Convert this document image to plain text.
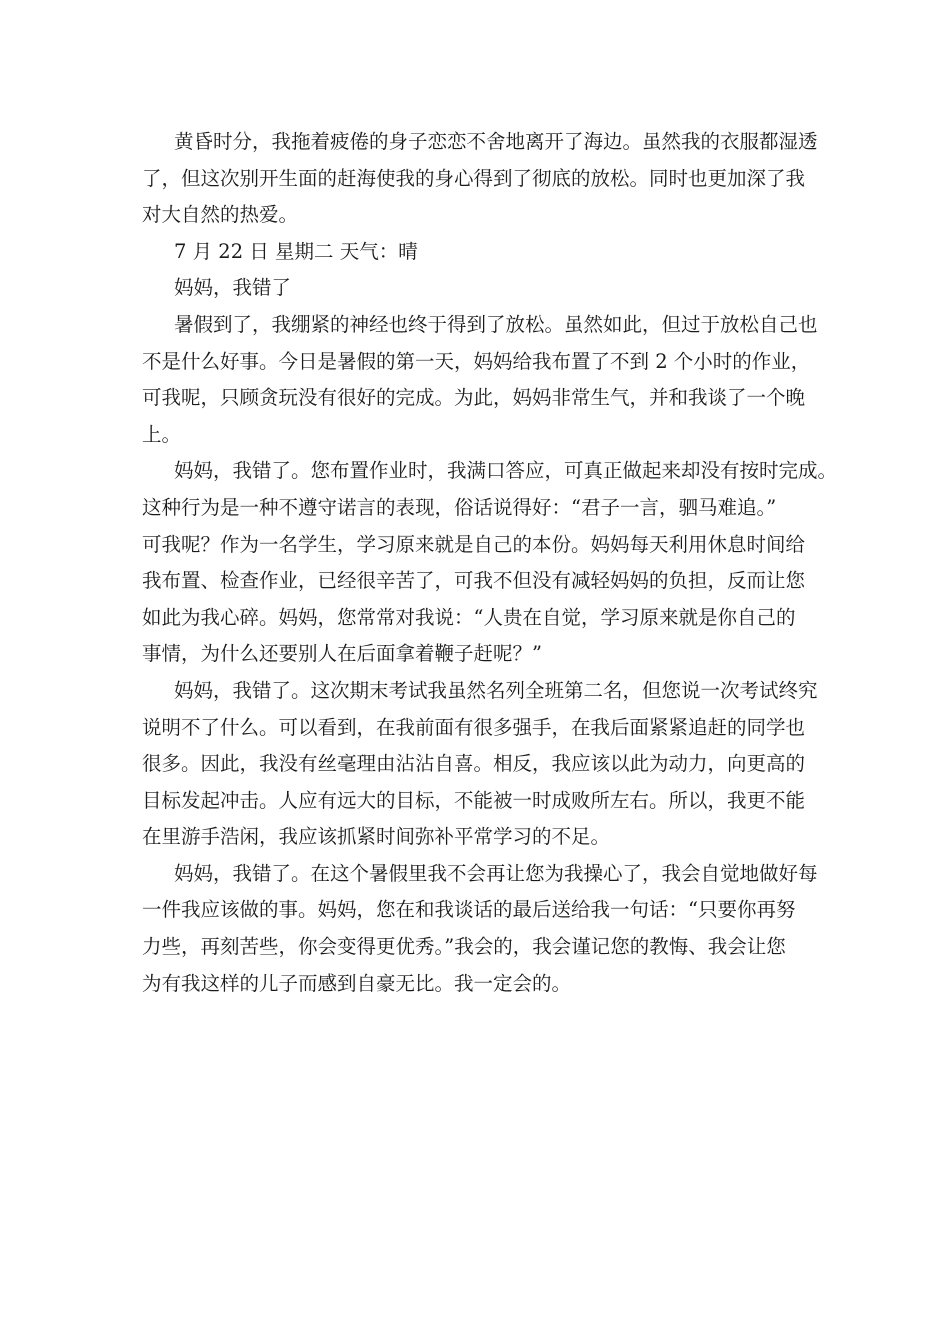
黄昏时分，我拖着疲倦的身子恋恋不舍地离开了海边。虽然我的衣服都湿透
了，但这次别开生面的赶海使我的身心得到了彻底的放松。同时也更加深了我
对大自然的热爱。
7 月 22 日 星期二 天气：晴
妈妈，我错了
暑假到了，我绷紧的神经也终于得到了放松。虽然如此，但过于放松自己也
不是什么好事。今日是暑假的第一天，妈妈给我布置了不到 2 个小时的作业，
可我呢，只顾贪玩没有很好的完成。为此，妈妈非常生气，并和我谈了一个晚
上。
妈妈，我错了。您布置作业时，我满口答应，可真正做起来却没有按时完成。
这种行为是一种不遵守诺言的表现，俗话说得好：“君子一言，驷马难追。”
可我呢？作为一名学生，学习原来就是自己的本份。妈妈每天利用休息时间给
我布置、检查作业，已经很辛苦了，可我不但没有减轻妈妈的负担，反而让您
如此为我心碎。妈妈，您常常对我说：“人贵在自觉，学习原来就是你自己的
事情，为什么还要别人在后面拿着鞭子赶呢？”
妈妈，我错了。这次期末考试我虽然名列全班第二名，但您说一次考试终究
说明不了什么。可以看到，在我前面有很多强手，在我后面紧紧追赶的同学也
很多。因此，我没有丝毫理由沾沾自喜。相反，我应该以此为动力，向更高的
目标发起冲击。人应有远大的目标，不能被一时成败所左右。所以，我更不能
在里游手浩闲，我应该抓紧时间弥补平常学习的不足。
妈妈，我错了。在这个暑假里我不会再让您为我操心了，我会自觉地做好每
一件我应该做的事。妈妈，您在和我谈话的最后送给我一句话：“只要你再努
力些，再刻苦些，你会变得更优秀。”我会的，我会谨记您的教悔、我会让您
为有我这样的儿子而感到自豪无比。我一定会的。
